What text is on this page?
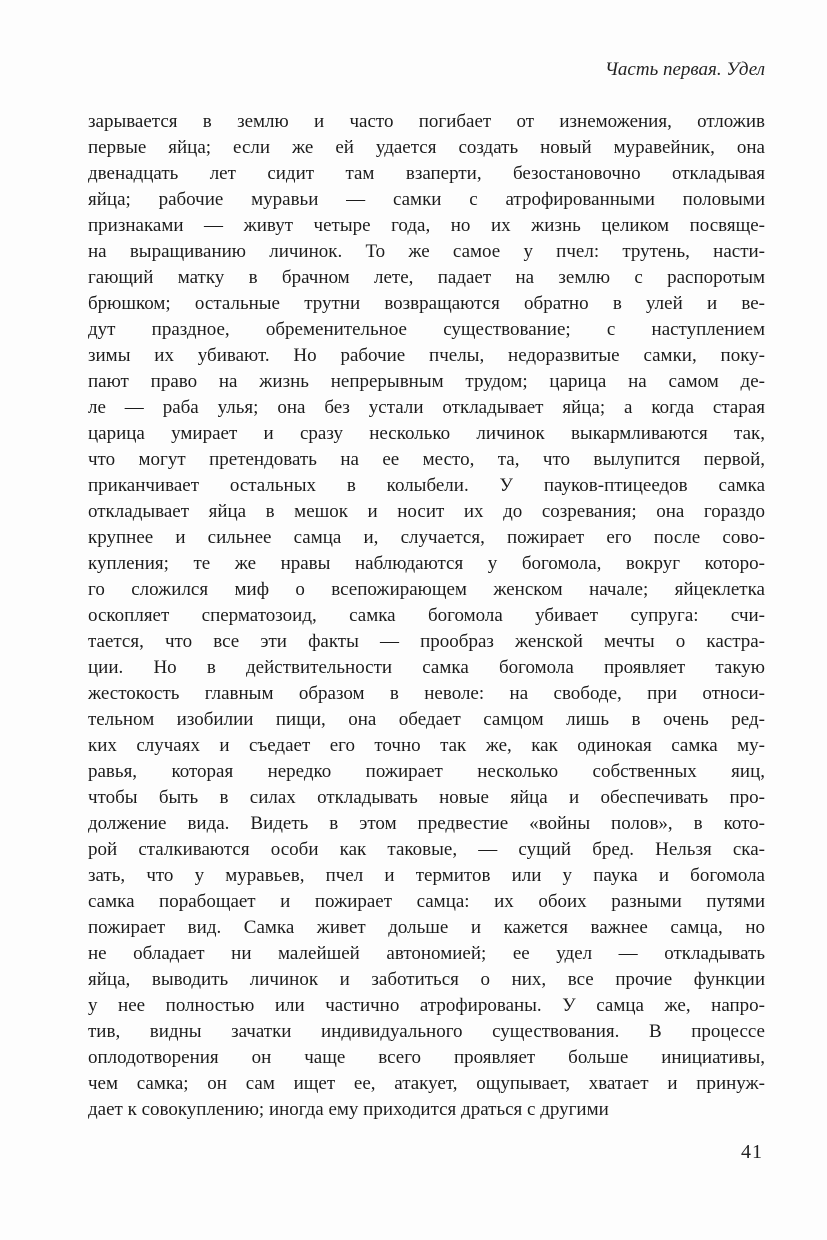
Часть первая. Удел
зарывается в землю и часто погибает от изнеможения, отложив
первые яйца; если же ей удается создать новый муравейник, она
двенадцать лет сидит там взаперти, безостановочно откладывая
яйца; рабочие муравьи — самки с атрофированными половыми
признаками — живут четыре года, но их жизнь целиком посвяще-
на выращиванию личинок. То же самое у пчел: трутень, насти-
гающий матку в брачном лете, падает на землю с распоротым
брюшком; остальные трутни возвращаются обратно в улей и ве-
дут праздное, обременительное существование; с наступлением
зимы их убивают. Но рабочие пчелы, недоразвитые самки, поку-
пают право на жизнь непрерывным трудом; царица на самом де-
ле — раба улья; она без устали откладывает яйца; а когда старая
царица умирает и сразу несколько личинок выкармливаются так,
что могут претендовать на ее место, та, что вылупится первой,
приканчивает остальных в колыбели. У пауков-птицеедов самка
откладывает яйца в мешок и носит их до созревания; она гораздо
крупнее и сильнее самца и, случается, пожирает его после сово-
купления; те же нравы наблюдаются у богомола, вокруг которо-
го сложился миф о всепожирающем женском начале; яйцеклетка
оскопляет сперматозоид, самка богомола убивает супруга: счи-
тается, что все эти факты — прообраз женской мечты о кастра-
ции. Но в действительности самка богомола проявляет такую
жестокость главным образом в неволе: на свободе, при относи-
тельном изобилии пищи, она обедает самцом лишь в очень ред-
ких случаях и съедает его точно так же, как одинокая самка му-
равья, которая нередко пожирает несколько собственных яиц,
чтобы быть в силах откладывать новые яйца и обеспечивать про-
должение вида. Видеть в этом предвестие «войны полов», в кото-
рой сталкиваются особи как таковые, — сущий бред. Нельзя ска-
зать, что у муравьев, пчел и термитов или у паука и богомола
самка порабощает и пожирает самца: их обоих разными путями
пожирает вид. Самка живет дольше и кажется важнее самца, но
не обладает ни малейшей автономией; ее удел — откладывать
яйца, выводить личинок и заботиться о них, все прочие функции
у нее полностью или частично атрофированы. У самца же, напро-
тив, видны зачатки индивидуального существования. В процессе
оплодотворения он чаще всего проявляет больше инициативы,
чем самка; он сам ищет ее, атакует, ощупывает, хватает и принуж-
дает к совокуплению; иногда ему приходится драться с другими
41
